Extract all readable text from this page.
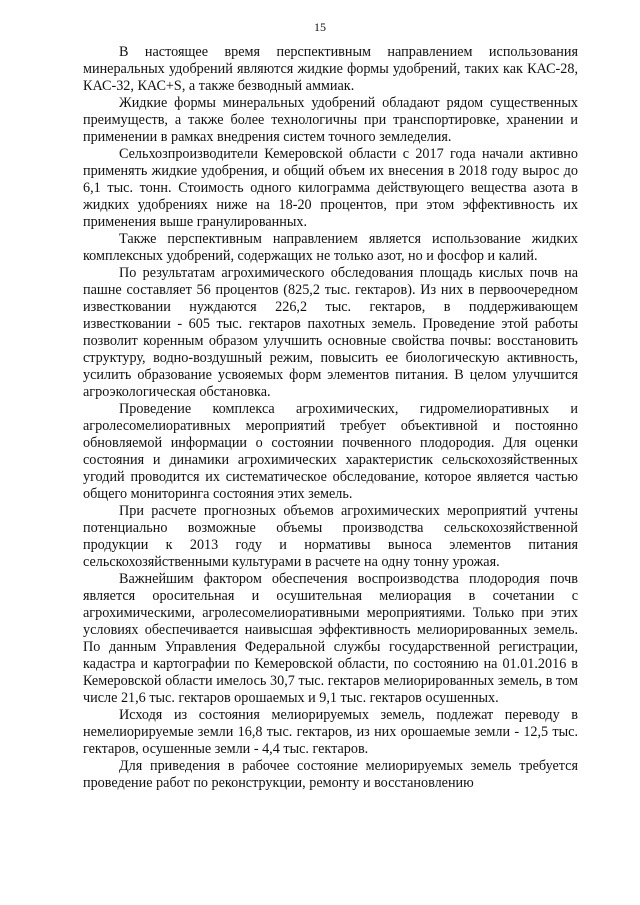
15

В настоящее время перспективным направлением использования минеральных удобрений являются жидкие формы удобрений, таких как КАС-28, КАС-32, КАС+S, а также безводный аммиак.

Жидкие формы минеральных удобрений обладают рядом существенных преимуществ, а также более технологичны при транспортировке, хранении и применении в рамках внедрения систем точного земледелия.

Сельхозпроизводители Кемеровской области с 2017 года начали активно применять жидкие удобрения, и общий объем их внесения в 2018 году вырос до 6,1 тыс. тонн. Стоимость одного килограмма действующего вещества азота в жидких удобрениях ниже на 18-20 процентов, при этом эффективность их применения выше гранулированных.

Также перспективным направлением является использование жидких комплексных удобрений, содержащих не только азот, но и фосфор и калий.

По результатам агрохимического обследования площадь кислых почв на пашне составляет 56 процентов (825,2 тыс. гектаров). Из них в первоочередном известковании нуждаются 226,2 тыс. гектаров, в поддерживающем известковании - 605 тыс. гектаров пахотных земель. Проведение этой работы позволит коренным образом улучшить основные свойства почвы: восстановить структуру, водно-воздушный режим, повысить ее биологическую активность, усилить образование усвояемых форм элементов питания. В целом улучшится агроэкологическая обстановка.

Проведение комплекса агрохимических, гидромелиоративных и агролесомелиоративных мероприятий требует объективной и постоянно обновляемой информации о состоянии почвенного плодородия. Для оценки состояния и динамики агрохимических характеристик сельскохозяйственных угодий проводится их систематическое обследование, которое является частью общего мониторинга состояния этих земель.

При расчете прогнозных объемов агрохимических мероприятий учтены потенциально возможные объемы производства сельскохозяйственной продукции к 2013 году и нормативы выноса элементов питания сельскохозяйственными культурами в расчете на одну тонну урожая.

Важнейшим фактором обеспечения воспроизводства плодородия почв является оросительная и осушительная мелиорация в сочетании с агрохимическими, агролесомелиоративными мероприятиями. Только при этих условиях обеспечивается наивысшая эффективность мелиорированных земель. По данным Управления Федеральной службы государственной регистрации, кадастра и картографии по Кемеровской области, по состоянию на 01.01.2016 в Кемеровской области имелось 30,7 тыс. гектаров мелиорированных земель, в том числе 21,6 тыс. гектаров орошаемых и 9,1 тыс. гектаров осушенных.

Исходя из состояния мелиорируемых земель, подлежат переводу в немелиорируемые земли 16,8 тыс. гектаров, из них орошаемые земли - 12,5 тыс. гектаров, осушенные земли - 4,4 тыс. гектаров.

Для приведения в рабочее состояние мелиорируемых земель требуется проведение работ по реконструкции, ремонту и восстановлению
